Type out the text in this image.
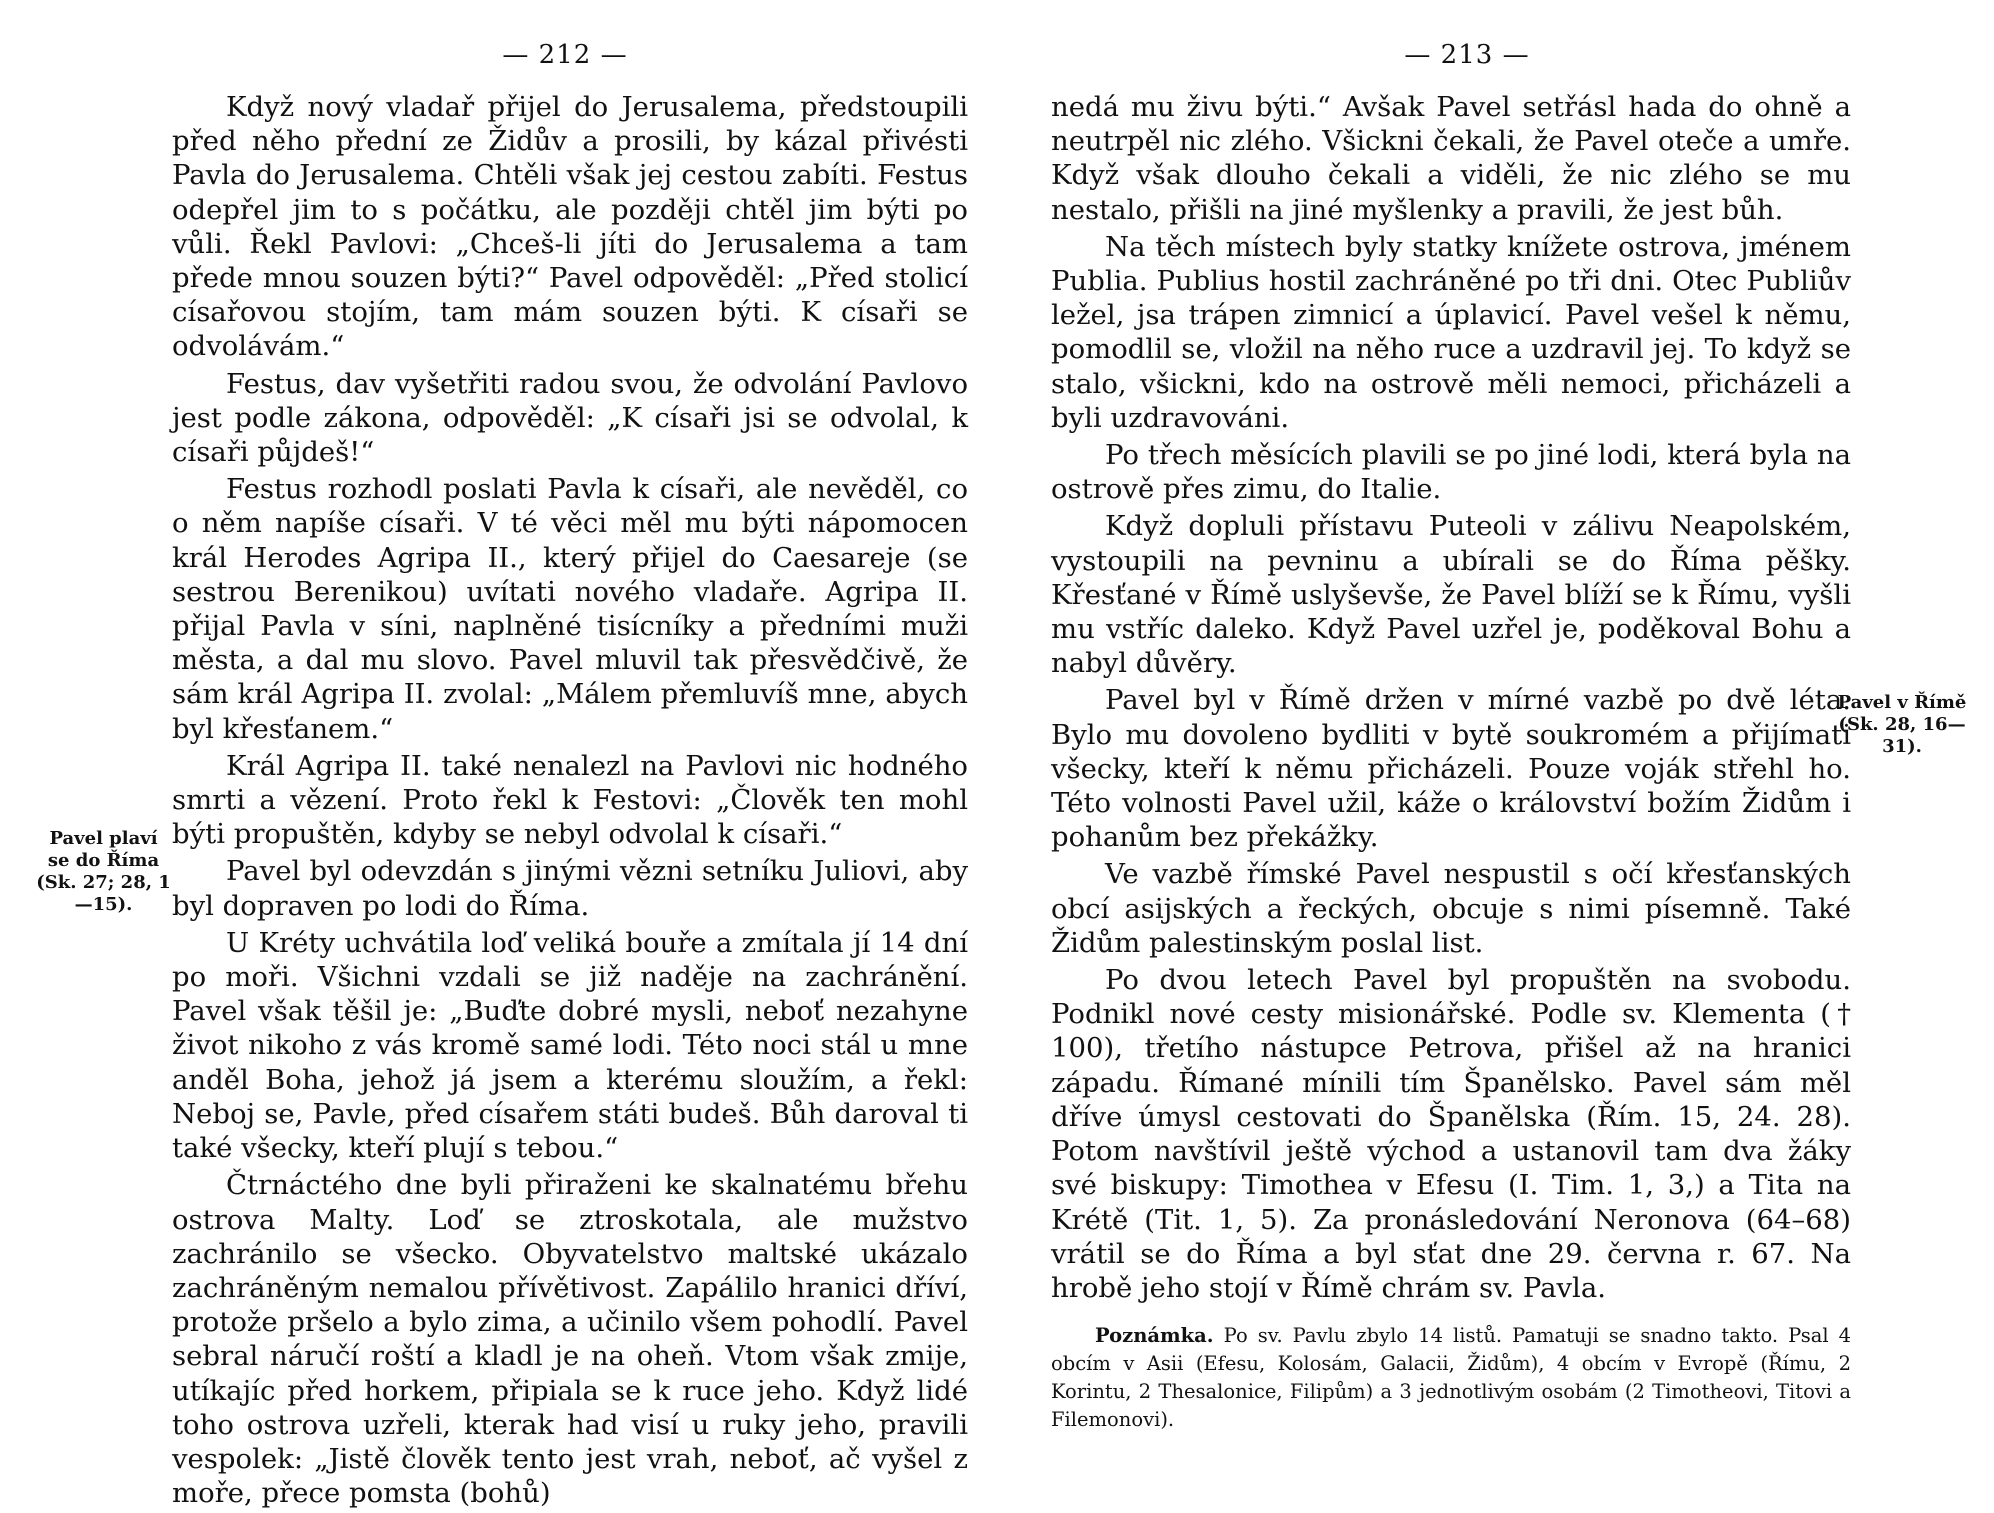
— 212 —
Pavel plaví se do Říma (Sk. 27; 28, 1—15).

Když nový vladař přijel do Jerusalema, předstoupili před něho přední ze Židův a prosili, by kázal přivésti Pavla do Jerusalema. Chtěli však jej cestou zabíti. Festus odepřel jim to s počátku, ale později chtěl jim býti po vůli. Řekl Pavlovi: „Chceš-li jíti do Jerusalema a tam přede mnou souzen býti?“ Pavel odpověděl: „Před stolicí císařovou stojím, tam mám souzen býti. K císaři se odvolávám.“

Festus, dav vyšetřiti radou svou, že odvolání Pavlovo jest podle zákona, odpověděl: „K císaři jsi se odvolal, k císaři půjdeš!“

Festus rozhodl poslati Pavla k císaři, ale nevěděl, co o něm napíše císaři. V té věci měl mu býti nápomocen král Herodes Agripa II., který přijel do Caesareje (se sestrou Berenikou) uvítati nového vladaře. Agripa II. přijal Pavla v síni, naplněné tisícníky a předními muži města, a dal mu slovo. Pavel mluvil tak přesvědčivě, že sám král Agripa II. zvolal: „Málem přemluvíš mne, abych byl křesťanem.“

Král Agripa II. také nenalezl na Pavlovi nic hodného smrti a vězení. Proto řekl k Festovi: „Člověk ten mohl býti propuštěn, kdyby se nebyl odvolal k císaři.“

Pavel byl odevzdán s jinými vězni setníku Juliovi, aby byl dopraven po lodi do Říma.

U Kréty uchvátila loď veliká bouře a zmítala jí 14 dní po moři. Všichni vzdali se již naděje na zachránění. Pavel však těšil je: „Buďte dobré mysli, neboť nezahyne život nikoho z vás kromě samé lodi. Této noci stál u mne anděl Boha, jehož já jsem a kterému sloužím, a řekl: Neboj se, Pavle, před císařem státi budeš. Bůh daroval ti také všecky, kteří plují s tebou.“

Čtrnáctého dne byli přiraženi ke skalnatému břehu ostrova Malty. Loď se ztroskotala, ale mužstvo zachránilo se všecko. Obyvatelstvo maltské ukázalo zachráněným nemalou přívětivost. Zapálilo hranici dříví, protože pršelo a bylo zima, a učinilo všem pohodlí. Pavel sebral náručí roští a kladl je na oheň. Vtom však zmije, utíkajíc před horkem, připiala se k ruce jeho. Když lidé toho ostrova uzřeli, kterak had visí u ruky jeho, pravili vespolek: „Jistě člověk tento jest vrah, neboť, ač vyšel z moře, přece pomsta (bohů)

— 213 —
Pavel v Římě (Sk. 28, 16—31).

nedá mu živu býti.“ Avšak Pavel setřásl hada do ohně a neutrpěl nic zlého. Všickni čekali, že Pavel oteče a umře. Když však dlouho čekali a viděli, že nic zlého se mu nestalo, přišli na jiné myšlenky a pravili, že jest bůh.

Na těch místech byly statky knížete ostrova, jménem Publia. Publius hostil zachráněné po tři dni. Otec Publiův ležel, jsa trápen zimnicí a úplavicí. Pavel vešel k němu, pomodlil se, vložil na něho ruce a uzdravil jej. To když se stalo, všickni, kdo na ostrově měli nemoci, přicházeli a byli uzdravováni.

Po třech měsících plavili se po jiné lodi, která byla na ostrově přes zimu, do Italie.

Když dopluli přístavu Puteoli v zálivu Neapolském, vystoupili na pevninu a ubírali se do Říma pěšky. Křesťané v Římě uslyševše, že Pavel blíží se k Římu, vyšli mu vstříc daleko. Když Pavel uzřel je, poděkoval Bohu a nabyl důvěry.

Pavel byl v Římě držen v mírné vazbě po dvě léta. Bylo mu dovoleno bydliti v bytě soukromém a přijímati všecky, kteří k němu přicházeli. Pouze voják střehl ho. Této volnosti Pavel užil, káže o království božím Židům i pohanům bez překážky.

Ve vazbě římské Pavel nespustil s očí křesťanských obcí asijských a řeckých, obcuje s nimi písemně. Také Židům palestinským poslal list.

Po dvou letech Pavel byl propuštěn na svobodu. Podnikl nové cesty misionářské. Podle sv. Klementa († 100), třetího nástupce Petrova, přišel až na hranici západu. Římané mínili tím Španělsko. Pavel sám měl dříve úmysl cestovati do Španělska (Řím. 15, 24. 28). Potom navštívil ještě východ a ustanovil tam dva žáky své biskupy: Timothea v Efesu (I. Tim. 1, 3,) a Tita na Krétě (Tit. 1, 5). Za pronásledování Neronova (64–68) vrátil se do Říma a byl sťat dne 29. června r. 67. Na hrobě jeho stojí v Římě chrám sv. Pavla.

Poznámka. Po sv. Pavlu zbylo 14 listů. Pamatuji se snadno takto. Psal 4 obcím v Asii (Efesu, Kolosám, Galacii, Židům), 4 obcím v Evropě (Římu, 2 Korintu, 2 Thesalonice, Filipům) a 3 jednotlivým osobám (2 Timotheovi, Titovi a Filemonovi).
